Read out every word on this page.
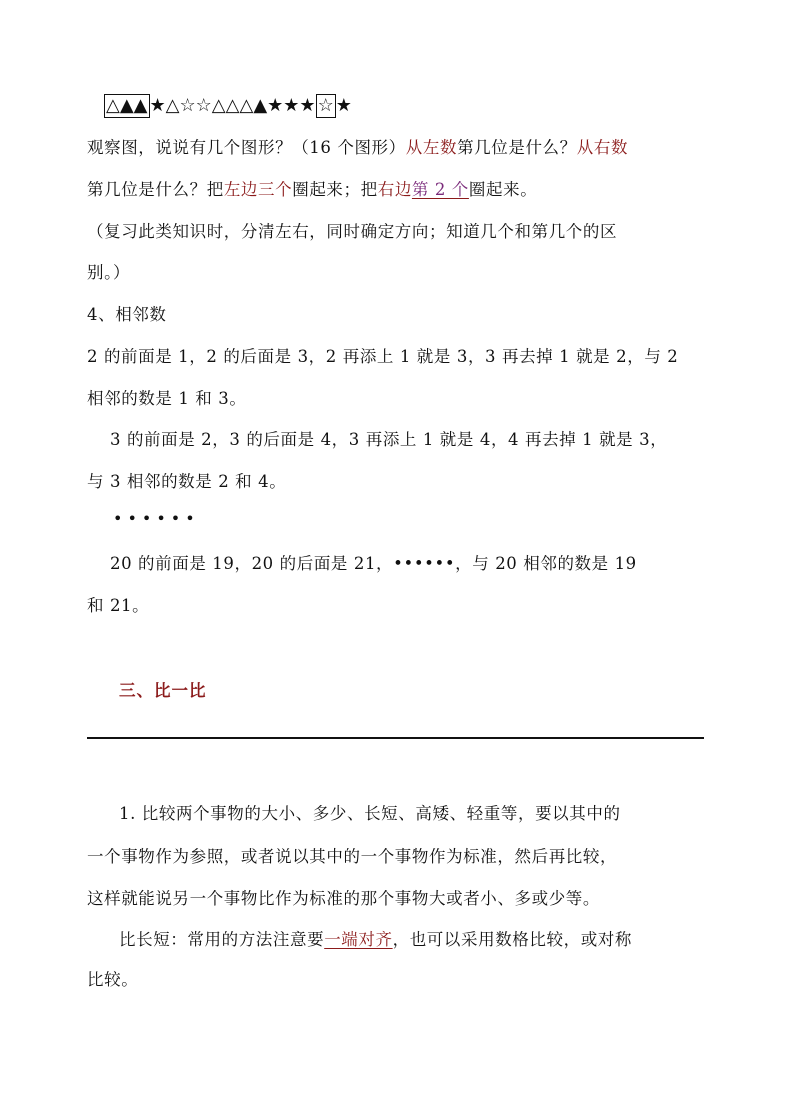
△▲▲ ★△☆☆△△△▲★★★ ☆ ★
观察图，说说有几个图形？（16 个图形）从左数第几位是什么？从右数
第几位是什么？把左边三个圈起来；把右边第 2 个圈起来。
（复习此类知识时，分清左右，同时确定方向；知道几个和第几个的区
别。）
4、相邻数
2 的前面是 1，2 的后面是 3，2 再添上 1 就是 3，3 再去掉 1 就是 2，与 2
相邻的数是 1 和 3。
3 的前面是 2，3 的后面是 4，3 再添上 1 就是 4，4 再去掉 1 就是 3，
与 3 相邻的数是 2 和 4。
••••••
20 的前面是 19，20 的后面是 21，••••••，与 20 相邻的数是 19
和 21。
三、比一比
1. 比较两个事物的大小、多少、长短、高矮、轻重等，要以其中的
一个事物作为参照，或者说以其中的一个事物作为标准，然后再比较，
这样就能说另一个事物比作为标准的那个事物大或者小、多或少等。
比长短：常用的方法注意要一端对齐，也可以采用数格比较，或对称
比较。
